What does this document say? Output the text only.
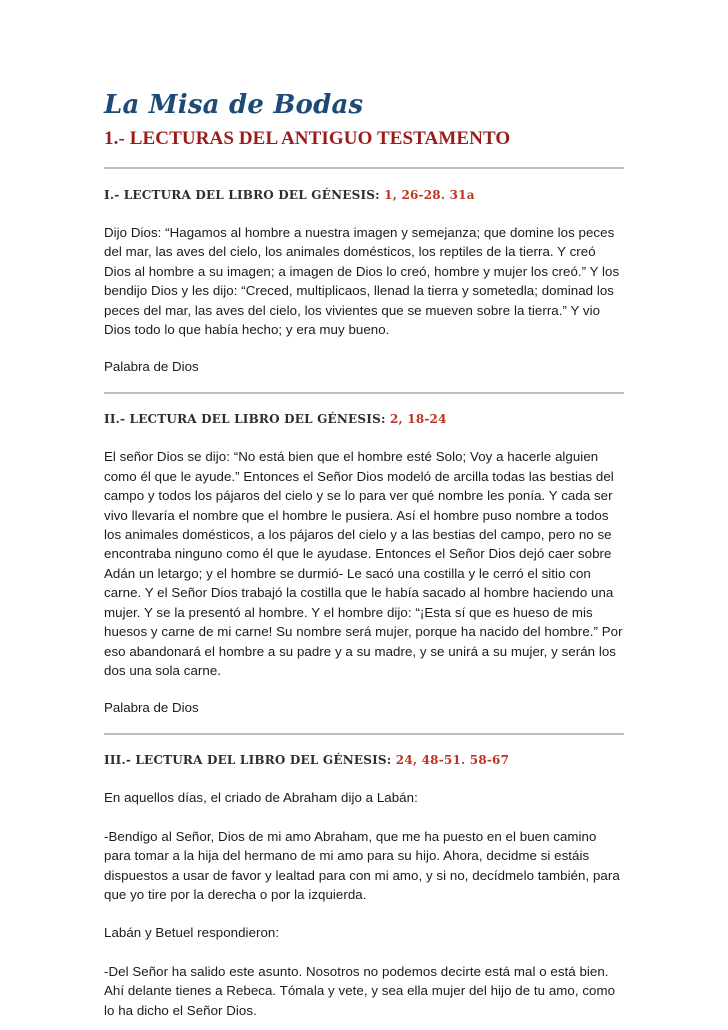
La Misa de Bodas
1.- LECTURAS DEL ANTIGUO TESTAMENTO

I.- LECTURA DEL LIBRO DEL GÉNESIS: 1, 26-28. 31a

Dijo Dios: “Hagamos al hombre a nuestra imagen y semejanza; que domine los peces del mar, las aves del cielo, los animales domésticos, los reptiles de la tierra. Y creó Dios al hombre a su imagen; a imagen de Dios lo creó, hombre y mujer los creó.” Y los bendijo Dios y les dijo: “Creced, multiplicaos, llenad la tierra y sometedla; dominad los peces del mar, las aves del cielo, los vivientes que se mueven sobre la tierra.” Y vio Dios todo lo que había hecho; y era muy bueno.

Palabra de Dios

II.- LECTURA DEL LIBRO DEL GÉNESIS: 2, 18-24

El señor Dios se dijo: “No está bien que el hombre esté Solo; Voy a hacerle alguien como él que le ayude.” Entonces el Señor Dios modeló de arcilla todas las bestias del campo y todos los pájaros del cielo y se lo para ver qué nombre les ponía. Y cada ser vivo llevaría el nombre que el hombre le pusiera. Así el hombre puso nombre a todos los animales domésticos, a los pájaros del cielo y a las bestias del campo, pero no se encontraba ninguno como él que le ayudase. Entonces el Señor Dios dejó caer sobre Adán un letargo; y el hombre se durmió- Le sacó una costilla y le cerró el sitio con carne. Y el Señor Dios trabajó la costilla que le había sacado al hombre haciendo una mujer. Y se la presentó al hombre. Y el hombre dijo: “¡Esta sí que es hueso de mis huesos y carne de mi carne! Su nombre será mujer, porque ha nacido del hombre.” Por eso abandonará el hombre a su padre y a su madre, y se unirá a su mujer, y serán los dos una sola carne.

Palabra de Dios

III.- LECTURA DEL LIBRO DEL GÉNESIS: 24, 48-51. 58-67

En aquellos días, el criado de Abraham dijo a Labán:

-Bendigo al Señor, Dios de mi amo Abraham, que me ha puesto en el buen camino para tomar a la hija del hermano de mi amo para su hijo. Ahora, decidme si estáis dispuestos a usar de favor y lealtad para con mi amo, y si no, decídmelo también, para que yo tire por la derecha o por la izquierda.

Labán y Betuel respondieron:

-Del Señor ha salido este asunto. Nosotros no podemos decirte está mal o está bien. Ahí delante tienes a Rebeca. Tómala y vete, y sea ella mujer del hijo de tu amo, como lo ha dicho el Señor Dios.
